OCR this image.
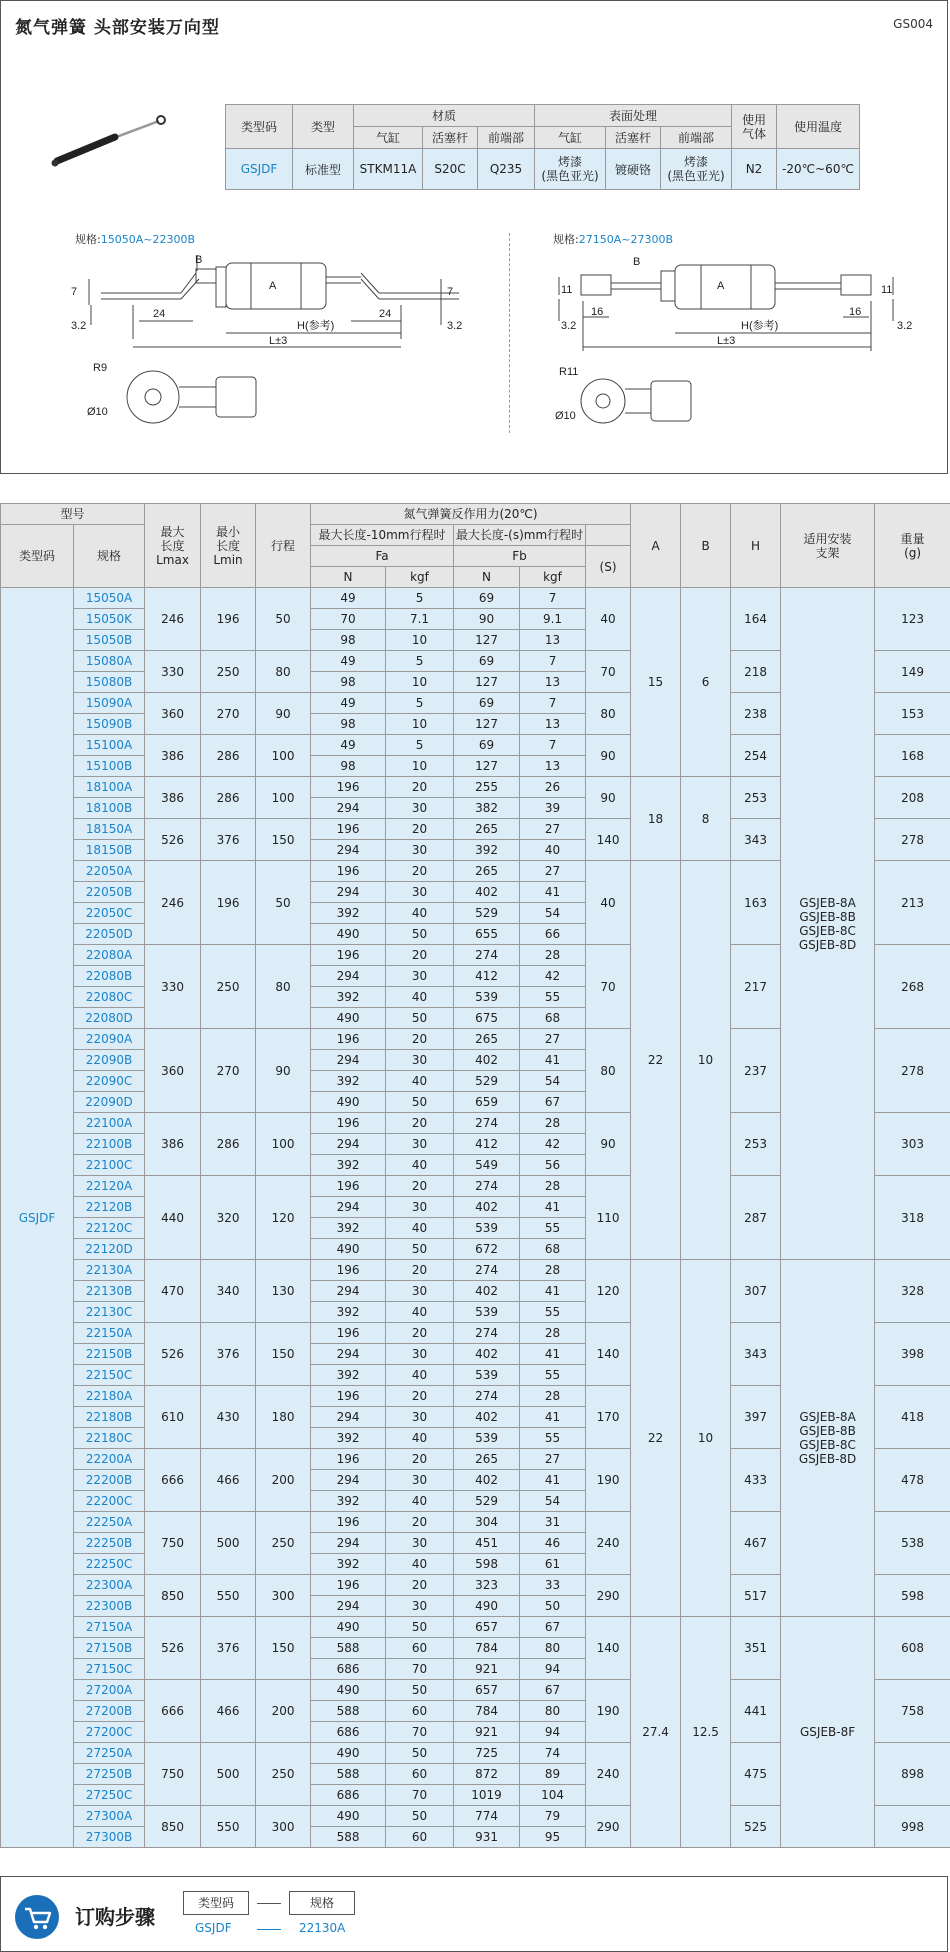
氮气弹簧 头部安装万向型	GS004
类型码	类型	材质			表面处理			使用
气体	使用温度
		气缸	活塞杆	前端部	气缸	活塞杆	前端部		
GSJDF	标准型	STKM11A	S20C	Q235	烤漆
(黑色亚光)	镀硬铬	烤漆
(黑色亚光)	N2	-20℃~60℃
规格:15050A~22300B
7
3.2
24
B
A
H(参考)
L±3
24
7
3.2
R9
Ø10
规格:27150A~27300B
11
3.2
16
B
A
H(参考)
L±3
16
11
3.2
R11
Ø10
型号		最大
长度
Lmax	最小
长度
Lmin	行程	氮气弹簧反作用力(20℃)					A	B	H	适用安装
支架	重量
(g)
类型码	规格				最大长度-10mm行程时		最大长度-(s)mm行程时							
					Fa		Fb		(S)					
					N	kgf	N	kgf						
GSJDF	15050A	246	196	50	49	5	69	7	40	15	6	164	GSJEB-8A
GSJEB-8B
GSJEB-8C
GSJEB-8D	123
	15050K				70	7.1	90	9.1						
	15050B				98	10	127	13						
	15080A	330	250	80	49	5	69	7	70			218		149
	15080B				98	10	127	13						
	15090A	360	270	90	49	5	69	7	80			238		153
	15090B				98	10	127	13						
	15100A	386	286	100	49	5	69	7	90			254		168
	15100B				98	10	127	13						
	18100A	386	286	100	196	20	255	26	90	18	8	253		208
	18100B				294	30	382	39						
	18150A	526	376	150	196	20	265	27	140			343		278
	18150B				294	30	392	40						
	22050A	246	196	50	196	20	265	27	40	22	10	163		213
	22050B				294	30	402	41						
	22050C				392	40	529	54						
	22050D				490	50	655	66						
	22080A	330	250	80	196	20	274	28	70			217		268
	22080B				294	30	412	42						
	22080C				392	40	539	55						
	22080D				490	50	675	68						
	22090A	360	270	90	196	20	265	27	80			237		278
	22090B				294	30	402	41						
	22090C				392	40	529	54						
	22090D				490	50	659	67						
	22100A	386	286	100	196	20	274	28	90			253		303
	22100B				294	30	412	42						
	22100C				392	40	549	56						
	22120A	440	320	120	196	20	274	28	110			287		318
	22120B				294	30	402	41						
	22120C				392	40	539	55						
	22120D				490	50	672	68						
	22130A	470	340	130	196	20	274	28	120	22	10	307	GSJEB-8A
GSJEB-8B
GSJEB-8C
GSJEB-8D	328
	22130B				294	30	402	41						
	22130C				392	40	539	55						
	22150A	526	376	150	196	20	274	28	140			343		398
	22150B				294	30	402	41						
	22150C				392	40	539	55						
	22180A	610	430	180	196	20	274	28	170			397		418
	22180B				294	30	402	41						
	22180C				392	40	539	55						
	22200A	666	466	200	196	20	265	27	190			433		478
	22200B				294	30	402	41						
	22200C				392	40	529	54						
	22250A	750	500	250	196	20	304	31	240			467		538
	22250B				294	30	451	46						
	22250C				392	40	598	61						
	22300A	850	550	300	196	20	323	33	290			517		598
	22300B				294	30	490	50						
	27150A	526	376	150	490	50	657	67	140	27.4	12.5	351	GSJEB-8F	608
	27150B				588	60	784	80						
	27150C				686	70	921	94						
	27200A	666	466	200	490	50	657	67	190			441		758
	27200B				588	60	784	80						
	27200C				686	70	921	94						
	27250A	750	500	250	490	50	725	74	240			475		898
	27250B				588	60	872	89						
	27250C				686	70	1019	104						
	27300A	850	550	300	490	50	774	79	290			525		998
	27300B				588	60	931	95						
订购步骤
类型码	规格
GSJDF	22130A
